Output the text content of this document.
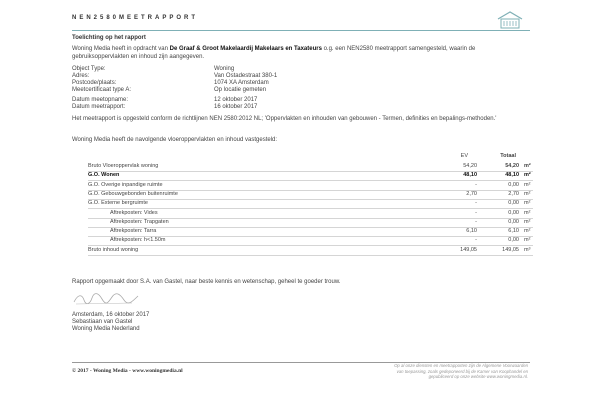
NEN2580MEETRAPPORT
Toelichting op het rapport
Woning Media heeft in opdracht van De Graaf & Groot Makelaardij Makelaars en Taxateurs o.g. een NEN2580 meetrapport samengesteld, waarin de gebruiksoppervlakten en inhoud zijn aangegeven.
Object Type:	Woning
Adres:	Van Ostadestraat 380-1
Postcode/plaats:	1074 XA Amsterdam
Meetcertificaat type A:	Op locatie gemeten
Datum meetopname:	12 oktober 2017
Datum meetrapport:	16 oktober 2017
Het meetrapport is opgesteld conform de richtlijnen NEN 2580:2012 NL; 'Oppervlakten en inhouden van gebouwen - Termen, definities en bepalings-methoden.'
Woning Media heeft de navolgende vloeroppervlakten en inhoud vastgesteld:
EV	Totaal
Bruto Vloeroppervlak woning	54,20	54,20 m²
G.O. Wonen	48,10	48,10 m²
G.O. Overige inpandige ruimte	-	0,00 m²
G.O. Gebouwgebonden buitenruimte	2,70	2,70 m²
G.O. Externe bergruimte	-	0,00 m²
Aftrekposten: Vides	-	0,00 m²
Aftrekposten: Trapgaten	-	0,00 m²
Aftrekposten: Tarra	6,10	6,10 m²
Aftrekposten: h<1.50m	-	0,00 m²
Bruto inhoud woning	149,05	149,05 m³
Rapport opgemaakt door S.A. van Gastel, naar beste kennis en wetenschap, geheel te goeder trouw.
Amsterdam, 16 oktober 2017
Sebastiaan van Gastel
Woning Media Nederland
© 2017 - Woning Media - www.woningmedia.nl
Op al onze diensten en meetrapporten zijn de Algemene Voorwaarden
van toepassing, zoals gedeponeerd bij de Kamer van Koophandel en
gepubliceerd op onze website www.woningmedia.nl.
